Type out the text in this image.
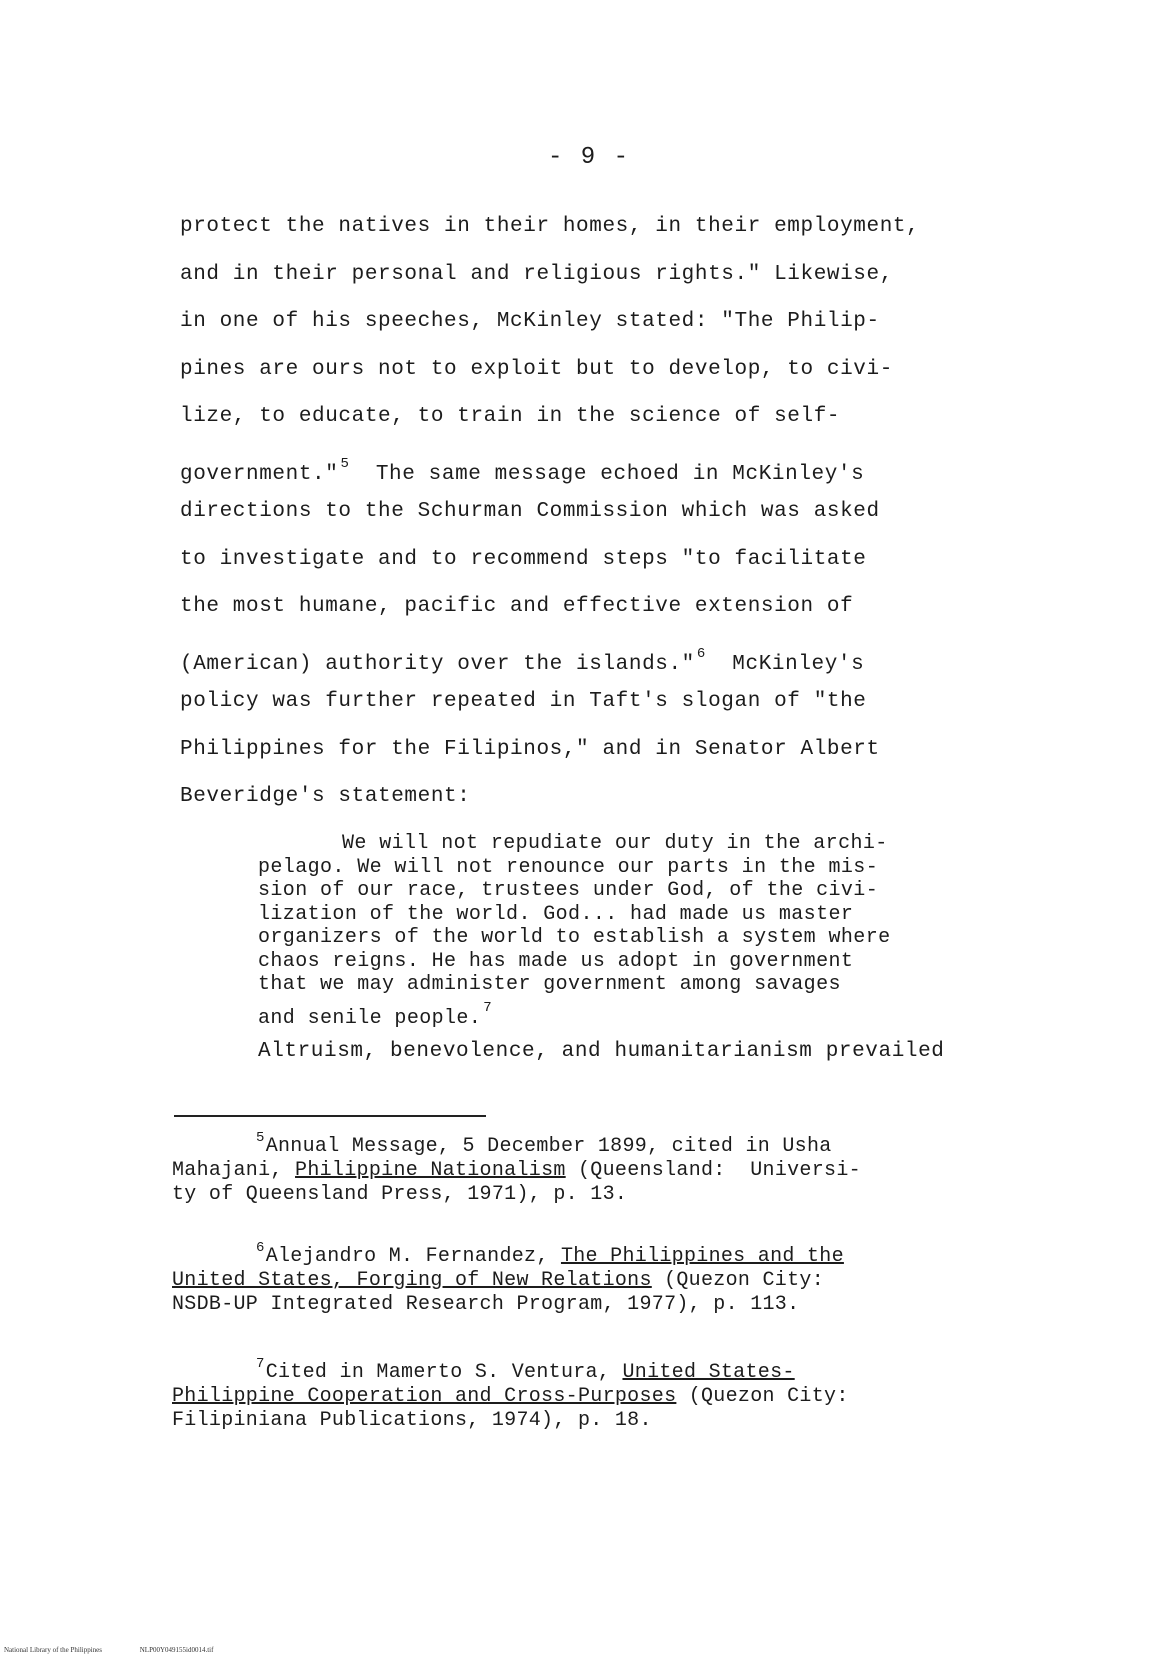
- 9 -
protect the natives in their homes, in their employment,
and in their personal and religious rights." Likewise,
in one of his speeches, McKinley stated: "The Philip-
pines are ours not to exploit but to develop, to civi-
lize, to educate, to train in the science of self-
government." $^5$  The same message echoed in McKinley's
directions to the Schurman Commission which was asked
to investigate and to recommend steps "to facilitate
the most humane, pacific and effective extension of
(American) authority over the islands." $^6$  McKinley's
policy was further repeated in Taft's slogan of "the
Philippines for the Filipinos," and in Senator Albert
Beveridge's statement:
We will not repudiate our duty in the archi-
pelago. We will not renounce our parts in the mis-
sion of our race, trustees under God, of the civi-
lization of the world. God... had made us master
organizers of the world to establish a system where
chaos reigns. He has made us adopt in government
that we may administer government among savages
and senile people. $^7$
Altruism, benevolence, and humanitarianism prevailed
$^5$Annual Message, 5 December 1899, cited in Usha
Mahajani, Philippine Nationalism (Queensland:  Universi-
ty of Queensland Press, 1971), p. 13.
$^6$Alejandro M. Fernandez, The Philippines and the
United States, Forging of New Relations (Quezon City:
NSDB-UP Integrated Research Program, 1977), p. 113.
$^7$Cited in Mamerto S. Ventura, United States-
Philippine Cooperation and Cross-Purposes (Quezon City:
Filipiniana Publications, 1974), p. 18.
National Library of the Philippines	NLP00Y049155id0014.tif
